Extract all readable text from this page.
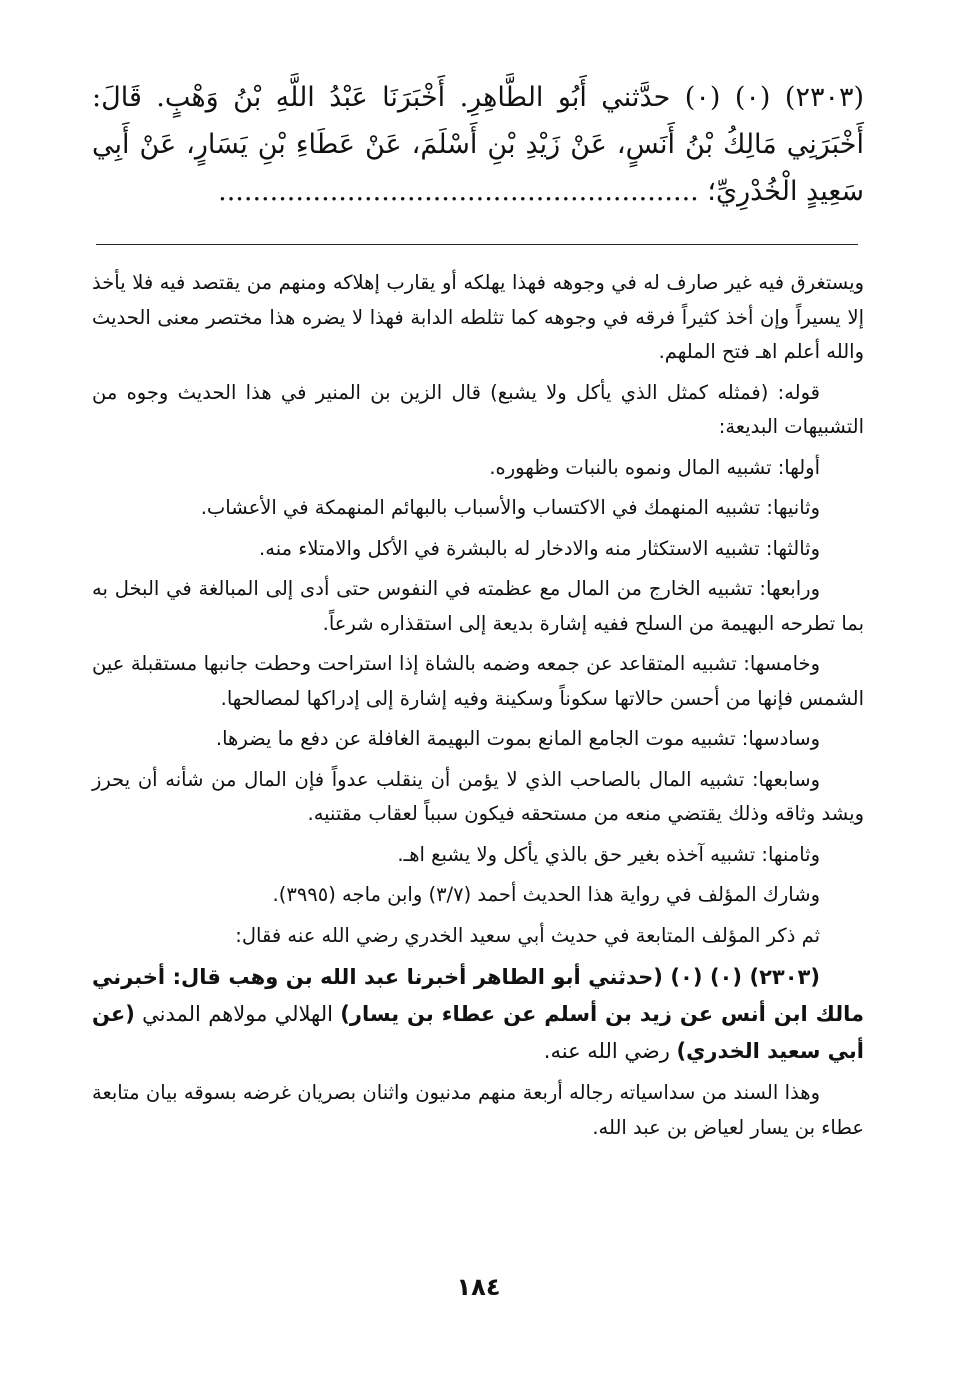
(٢٣٠٣) (٠) (٠) حدَّثني أَبُو الطَّاهِرِ. أَخْبَرَنَا عَبْدُ اللَّهِ بْنُ وَهْبٍ. قَالَ: أَخْبَرَنِي مَالِكُ بْنُ أَنَسٍ، عَنْ زَيْدِ بْنِ أَسْلَمَ، عَنْ عَطَاءِ بْنِ يَسَارٍ، عَنْ أَبِي سَعِيدٍ الْخُدْرِيِّ؛ ........................................................

ويستغرق فيه غير صارف له في وجوهه فهذا يهلكه أو يقارب إهلاكه ومنهم من يقتصد فيه فلا يأخذ إلا يسيراً وإن أخذ كثيراً فرقه في وجوهه كما تثلطه الدابة فهذا لا يضره هذا مختصر معنى الحديث والله أعلم اهـ فتح الملهم.

قوله: (فمثله كمثل الذي يأكل ولا يشبع) قال الزين بن المنير في هذا الحديث وجوه من التشبيهات البديعة:

أولها: تشبيه المال ونموه بالنبات وظهوره.

وثانيها: تشبيه المنهمك في الاكتساب والأسباب بالبهائم المنهمكة في الأعشاب.

وثالثها: تشبيه الاستكثار منه والادخار له بالبشرة في الأكل والامتلاء منه.

ورابعها: تشبيه الخارج من المال مع عظمته في النفوس حتى أدى إلى المبالغة في البخل به بما تطرحه البهيمة من السلح ففيه إشارة بديعة إلى استقذاره شرعاً.

وخامسها: تشبيه المتقاعد عن جمعه وضمه بالشاة إذا استراحت وحطت جانبها مستقبلة عين الشمس فإنها من أحسن حالاتها سكوناً وسكينة وفيه إشارة إلى إدراكها لمصالحها.

وسادسها: تشبيه موت الجامع المانع بموت البهيمة الغافلة عن دفع ما يضرها.

وسابعها: تشبيه المال بالصاحب الذي لا يؤمن أن ينقلب عدواً فإن المال من شأنه أن يحرز ويشد وثاقه وذلك يقتضي منعه من مستحقه فيكون سبباً لعقاب مقتنيه.

وثامنها: تشبيه آخذه بغير حق بالذي يأكل ولا يشبع اهـ.

وشارك المؤلف في رواية هذا الحديث أحمد (٣/٧) وابن ماجه (٣٩٩٥).

ثم ذكر المؤلف المتابعة في حديث أبي سعيد الخدري رضي الله عنه فقال:

(٢٣٠٣) (٠) (٠) (حدثني أبو الطاهر أخبرنا عبد الله بن وهب قال: أخبرني مالك ابن أنس عن زيد بن أسلم عن عطاء بن يسار) الهلالي مولاهم المدني (عن أبي سعيد الخدري) رضي الله عنه.

وهذا السند من سداسياته رجاله أربعة منهم مدنيون واثنان بصريان غرضه بسوقه بيان متابعة عطاء بن يسار لعياض بن عبد الله.

١٨٤
